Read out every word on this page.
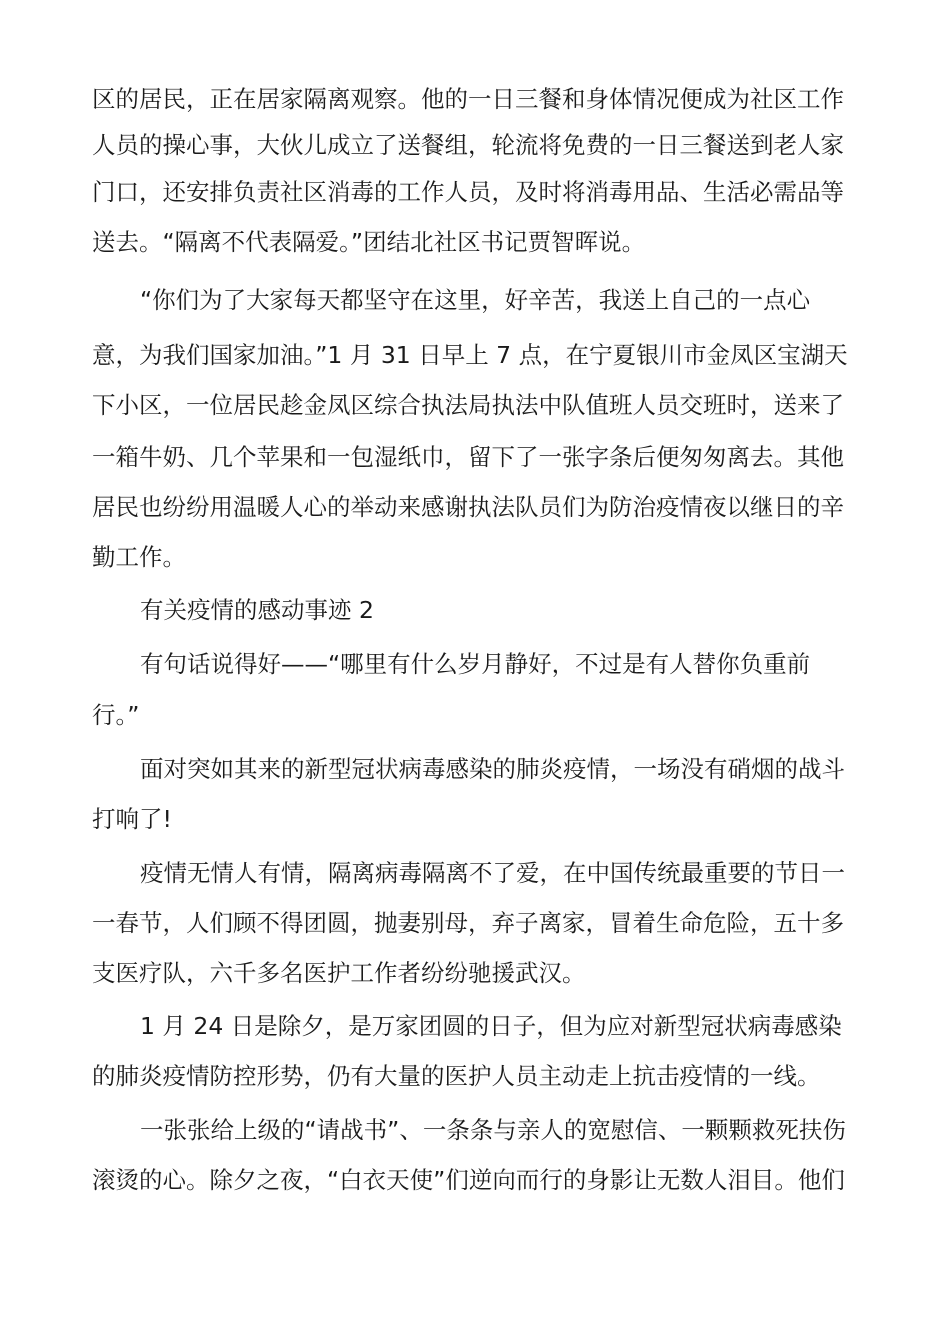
区的居民，正在居家隔离观察。他的一日三餐和身体情况便成为社区工作
人员的操心事，大伙儿成立了送餐组，轮流将免费的一日三餐送到老人家
门口，还安排负责社区消毒的工作人员，及时将消毒用品、生活必需品等
送去。“隔离不代表隔爱。”团结北社区书记贾智晖说。
“你们为了大家每天都坚守在这里，好辛苦，我送上自己的一点心
意，为我们国家加油。”1 月 31 日早上 7 点，在宁夏银川市金凤区宝湖天
下小区，一位居民趁金凤区综合执法局执法中队值班人员交班时，送来了
一箱牛奶、几个苹果和一包湿纸巾，留下了一张字条后便匆匆离去。其他
居民也纷纷用温暖人心的举动来感谢执法队员们为防治疫情夜以继日的辛
勤工作。
有关疫情的感动事迹 2
有句话说得好——“哪里有什么岁月静好，不过是有人替你负重前
行。”
面对突如其来的新型冠状病毒感染的肺炎疫情，一场没有硝烟的战斗
打响了!
疫情无情人有情，隔离病毒隔离不了爱，在中国传统最重要的节日一
一春节，人们顾不得团圆，抛妻别母，弃子离家，冒着生命危险，五十多
支医疗队，六千多名医护工作者纷纷驰援武汉。
1 月 24 日是除夕，是万家团圆的日子，但为应对新型冠状病毒感染
的肺炎疫情防控形势，仍有大量的医护人员主动走上抗击疫情的一线。
一张张给上级的“请战书”、一条条与亲人的宽慰信、一颗颗救死扶伤
滚烫的心。除夕之夜，“白衣天使”们逆向而行的身影让无数人泪目。他们
